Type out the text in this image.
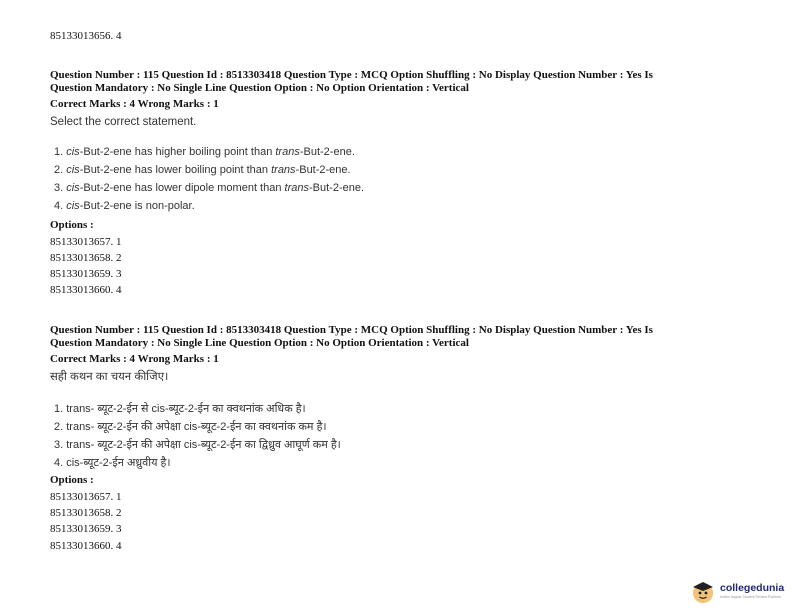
85133013656. 4
Question Number : 115 Question Id : 8513303418 Question Type : MCQ Option Shuffling : No Display Question Number : Yes Is
Question Mandatory : No Single Line Question Option : No Option Orientation : Vertical
Correct Marks : 4 Wrong Marks : 1
Select the correct statement.
1. cis-But-2-ene has higher boiling point than trans-But-2-ene.
2. cis-But-2-ene has lower boiling point than trans-But-2-ene.
3. cis-But-2-ene has lower dipole moment than trans-But-2-ene.
4. cis-But-2-ene is non-polar.
Options :
85133013657. 1
85133013658. 2
85133013659. 3
85133013660. 4
Question Number : 115 Question Id : 8513303418 Question Type : MCQ Option Shuffling : No Display Question Number : Yes Is
Question Mandatory : No Single Line Question Option : No Option Orientation : Vertical
Correct Marks : 4 Wrong Marks : 1
सही कथन का चयन कीजिए।
1. trans- ब्यूट-2-ईन से cis-ब्यूट-2-ईन का क्वथनांक अधिक है।
2. trans- ब्यूट-2-ईन की अपेक्षा cis-ब्यूट-2-ईन का क्वथनांक कम है।
3. trans- ब्यूट-2-ईन की अपेक्षा cis-ब्यूट-2-ईन का द्विध्रुव आघूर्ण कम है।
4. cis-ब्यूट-2-ईन अध्रुवीय है।
Options :
85133013657. 1
85133013658. 2
85133013659. 3
85133013660. 4
collegedunia
India's largest Student Review Platform
